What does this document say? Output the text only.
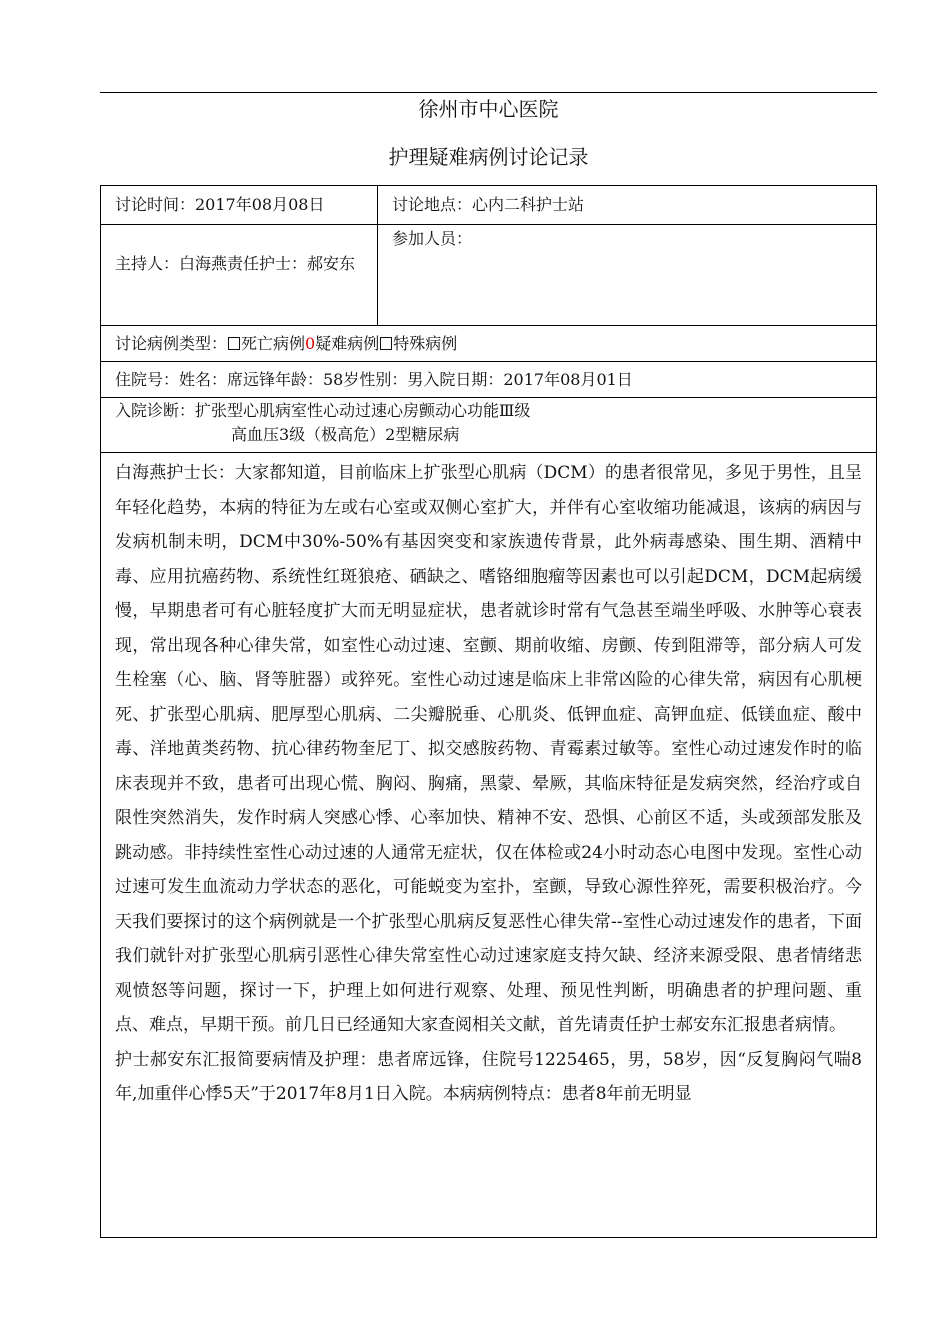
徐州市中心医院
护理疑难病例讨论记录
讨论时间：2017年08月08日	讨论地点：心内二科护士站
主持人：白海燕责任护士：郝安东
参加人员：
讨论病例类型： 死亡病例0疑难病例 特殊病例
住院号：姓名：席远锋年龄：58岁性别：男入院日期：2017年08月01日
入院诊断：扩张型心肌病室性心动过速心房颤动心功能Ⅲ级
高血压3级（极高危）2型糖尿病

白海燕护士长：大家都知道，目前临床上扩张型心肌病（DCM）的患者很常见，多见于男性，且呈年轻化趋势，本病的特征为左或右心室或双侧心室扩大，并伴有心室收缩功能减退，该病的病因与发病机制未明，DCM中30%-50%有基因突变和家族遗传背景，此外病毒感染、围生期、酒精中毒、应用抗癌药物、系统性红斑狼疮、硒缺之、嗜铬细胞瘤等因素也可以引起DCM，DCM起病缓慢，早期患者可有心脏轻度扩大而无明显症状，患者就诊时常有气急甚至端坐呼吸、水肿等心衰表现，常出现各种心律失常，如室性心动过速、室颤、期前收缩、房颤、传到阻滞等，部分病人可发生栓塞（心、脑、肾等脏器）或猝死。室性心动过速是临床上非常凶险的心律失常，病因有心肌梗死、扩张型心肌病、肥厚型心肌病、二尖瓣脱垂、心肌炎、低钾血症、高钾血症、低镁血症、酸中毒、洋地黄类药物、抗心律药物奎尼丁、拟交感胺药物、青霉素过敏等。室性心动过速发作时的临床表现并不致，患者可出现心慌、胸闷、胸痛，黑蒙、晕厥，其临床特征是发病突然，经治疗或自限性突然消失，发作时病人突感心悸、心率加快、精神不安、恐惧、心前区不适，头或颈部发胀及跳动感。非持续性室性心动过速的人通常无症状，仅在体检或24小时动态心电图中发现。室性心动过速可发生血流动力学状态的恶化，可能蜕变为室扑，室颤，导致心源性猝死，需要积极治疗。今天我们要探讨的这个病例就是一个扩张型心肌病反复恶性心律失常--室性心动过速发作的患者，下面我们就针对扩张型心肌病引恶性心律失常室性心动过速家庭支持欠缺、经济来源受限、患者情绪悲观愤怒等问题，探讨一下，护理上如何进行观察、处理、预见性判断，明确患者的护理问题、重点、难点，早期干预。前几日已经通知大家查阅相关文献，首先请责任护士郝安东汇报患者病情。

护士郝安东汇报简要病情及护理：患者席远锋，住院号1225465，男，58岁，因“反复胸闷气喘8年,加重伴心悸5天”于2017年8月1日入院。本病病例特点：患者8年前无明显
